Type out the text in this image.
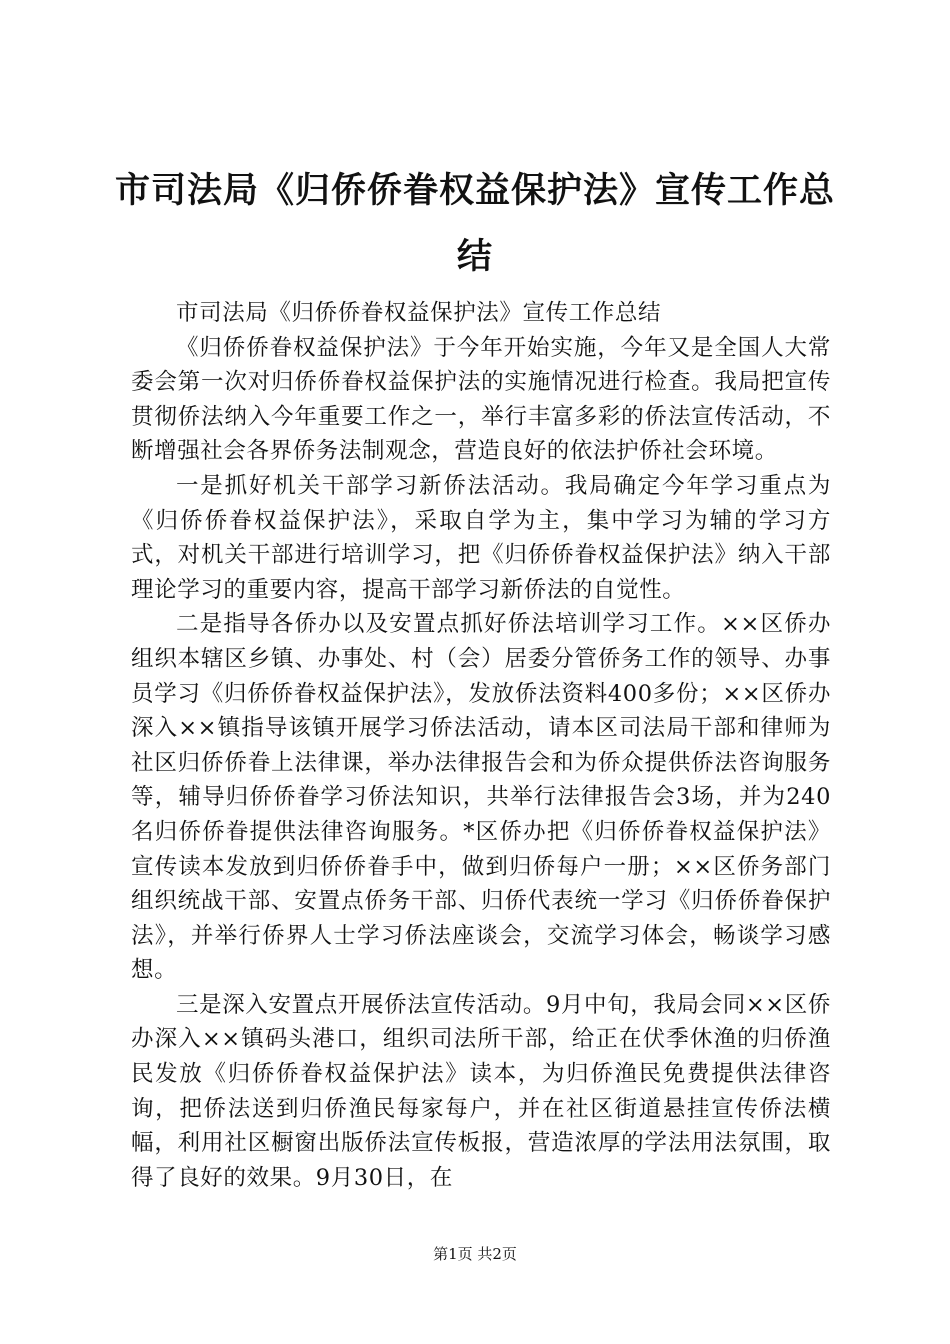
市司法局《归侨侨眷权益保护法》宣传工作总结

市司法局《归侨侨眷权益保护法》宣传工作总结

《归侨侨眷权益保护法》于今年开始实施，今年又是全国人大常委会第一次对归侨侨眷权益保护法的实施情况进行检查。我局把宣传贯彻侨法纳入今年重要工作之一，举行丰富多彩的侨法宣传活动，不断增强社会各界侨务法制观念，营造良好的依法护侨社会环境。

一是抓好机关干部学习新侨法活动。我局确定今年学习重点为《归侨侨眷权益保护法》，采取自学为主，集中学习为辅的学习方式，对机关干部进行培训学习，把《归侨侨眷权益保护法》纳入干部理论学习的重要内容，提高干部学习新侨法的自觉性。

二是指导各侨办以及安置点抓好侨法培训学习工作。××区侨办组织本辖区乡镇、办事处、村（会）居委分管侨务工作的领导、办事员学习《归侨侨眷权益保护法》，发放侨法资料400多份；××区侨办深入××镇指导该镇开展学习侨法活动，请本区司法局干部和律师为社区归侨侨眷上法律课，举办法律报告会和为侨众提供侨法咨询服务等，辅导归侨侨眷学习侨法知识，共举行法律报告会3场，并为240名归侨侨眷提供法律咨询服务。*区侨办把《归侨侨眷权益保护法》宣传读本发放到归侨侨眷手中，做到归侨每户一册；××区侨务部门组织统战干部、安置点侨务干部、归侨代表统一学习《归侨侨眷保护法》，并举行侨界人士学习侨法座谈会，交流学习体会，畅谈学习感想。

三是深入安置点开展侨法宣传活动。9月中旬，我局会同××区侨办深入××镇码头港口，组织司法所干部，给正在伏季休渔的归侨渔民发放《归侨侨眷权益保护法》读本，为归侨渔民免费提供法律咨询，把侨法送到归侨渔民每家每户，并在社区街道悬挂宣传侨法横幅，利用社区橱窗出版侨法宣传板报，营造浓厚的学法用法氛围，取得了良好的效果。9月30日，在

第1页 共2页
